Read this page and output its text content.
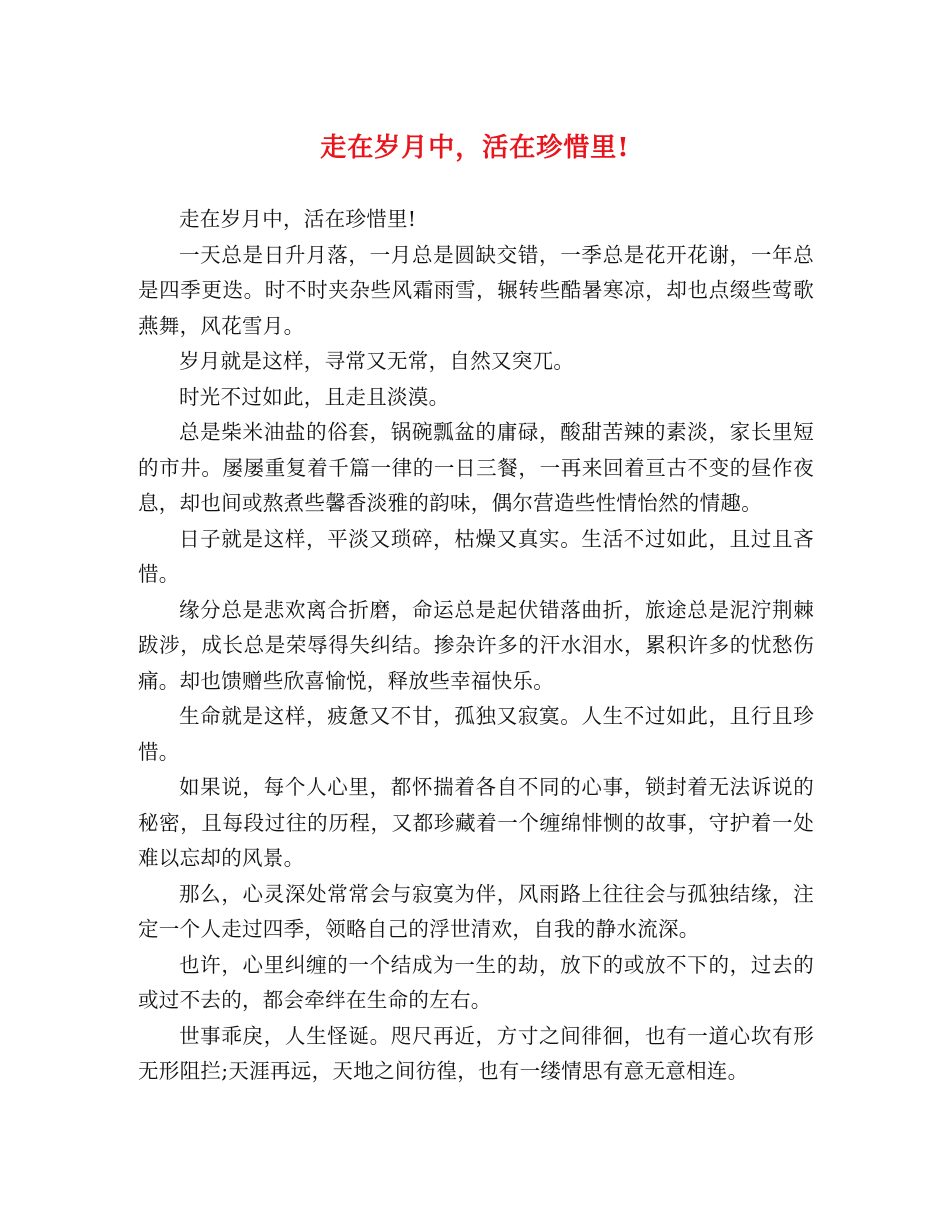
走在岁月中，活在珍惜里!

走在岁月中，活在珍惜里!

一天总是日升月落，一月总是圆缺交错，一季总是花开花谢，一年总是四季更迭。时不时夹杂些风霜雨雪，辗转些酷暑寒凉，却也点缀些莺歌燕舞，风花雪月。

岁月就是这样，寻常又无常，自然又突兀。

时光不过如此，且走且淡漠。

总是柴米油盐的俗套，锅碗瓢盆的庸碌，酸甜苦辣的素淡，家长里短的市井。屡屡重复着千篇一律的一日三餐，一再来回着亘古不变的昼作夜息，却也间或熬煮些馨香淡雅的韵味，偶尔营造些性情怡然的情趣。

日子就是这样，平淡又琐碎，枯燥又真实。生活不过如此，且过且吝惜。

缘分总是悲欢离合折磨，命运总是起伏错落曲折，旅途总是泥泞荆棘跋涉，成长总是荣辱得失纠结。掺杂许多的汗水泪水，累积许多的忧愁伤痛。却也馈赠些欣喜愉悦，释放些幸福快乐。

生命就是这样，疲惫又不甘，孤独又寂寞。人生不过如此，且行且珍惜。

如果说，每个人心里，都怀揣着各自不同的心事，锁封着无法诉说的秘密，且每段过往的历程，又都珍藏着一个缠绵悱恻的故事，守护着一处难以忘却的风景。

那么，心灵深处常常会与寂寞为伴，风雨路上往往会与孤独结缘，注定一个人走过四季，领略自己的浮世清欢，自我的静水流深。

也许，心里纠缠的一个结成为一生的劫，放下的或放不下的，过去的或过不去的，都会牵绊在生命的左右。

世事乖戾，人生怪诞。咫尺再近，方寸之间徘徊，也有一道心坎有形无形阻拦;天涯再远，天地之间彷徨，也有一缕情思有意无意相连。
